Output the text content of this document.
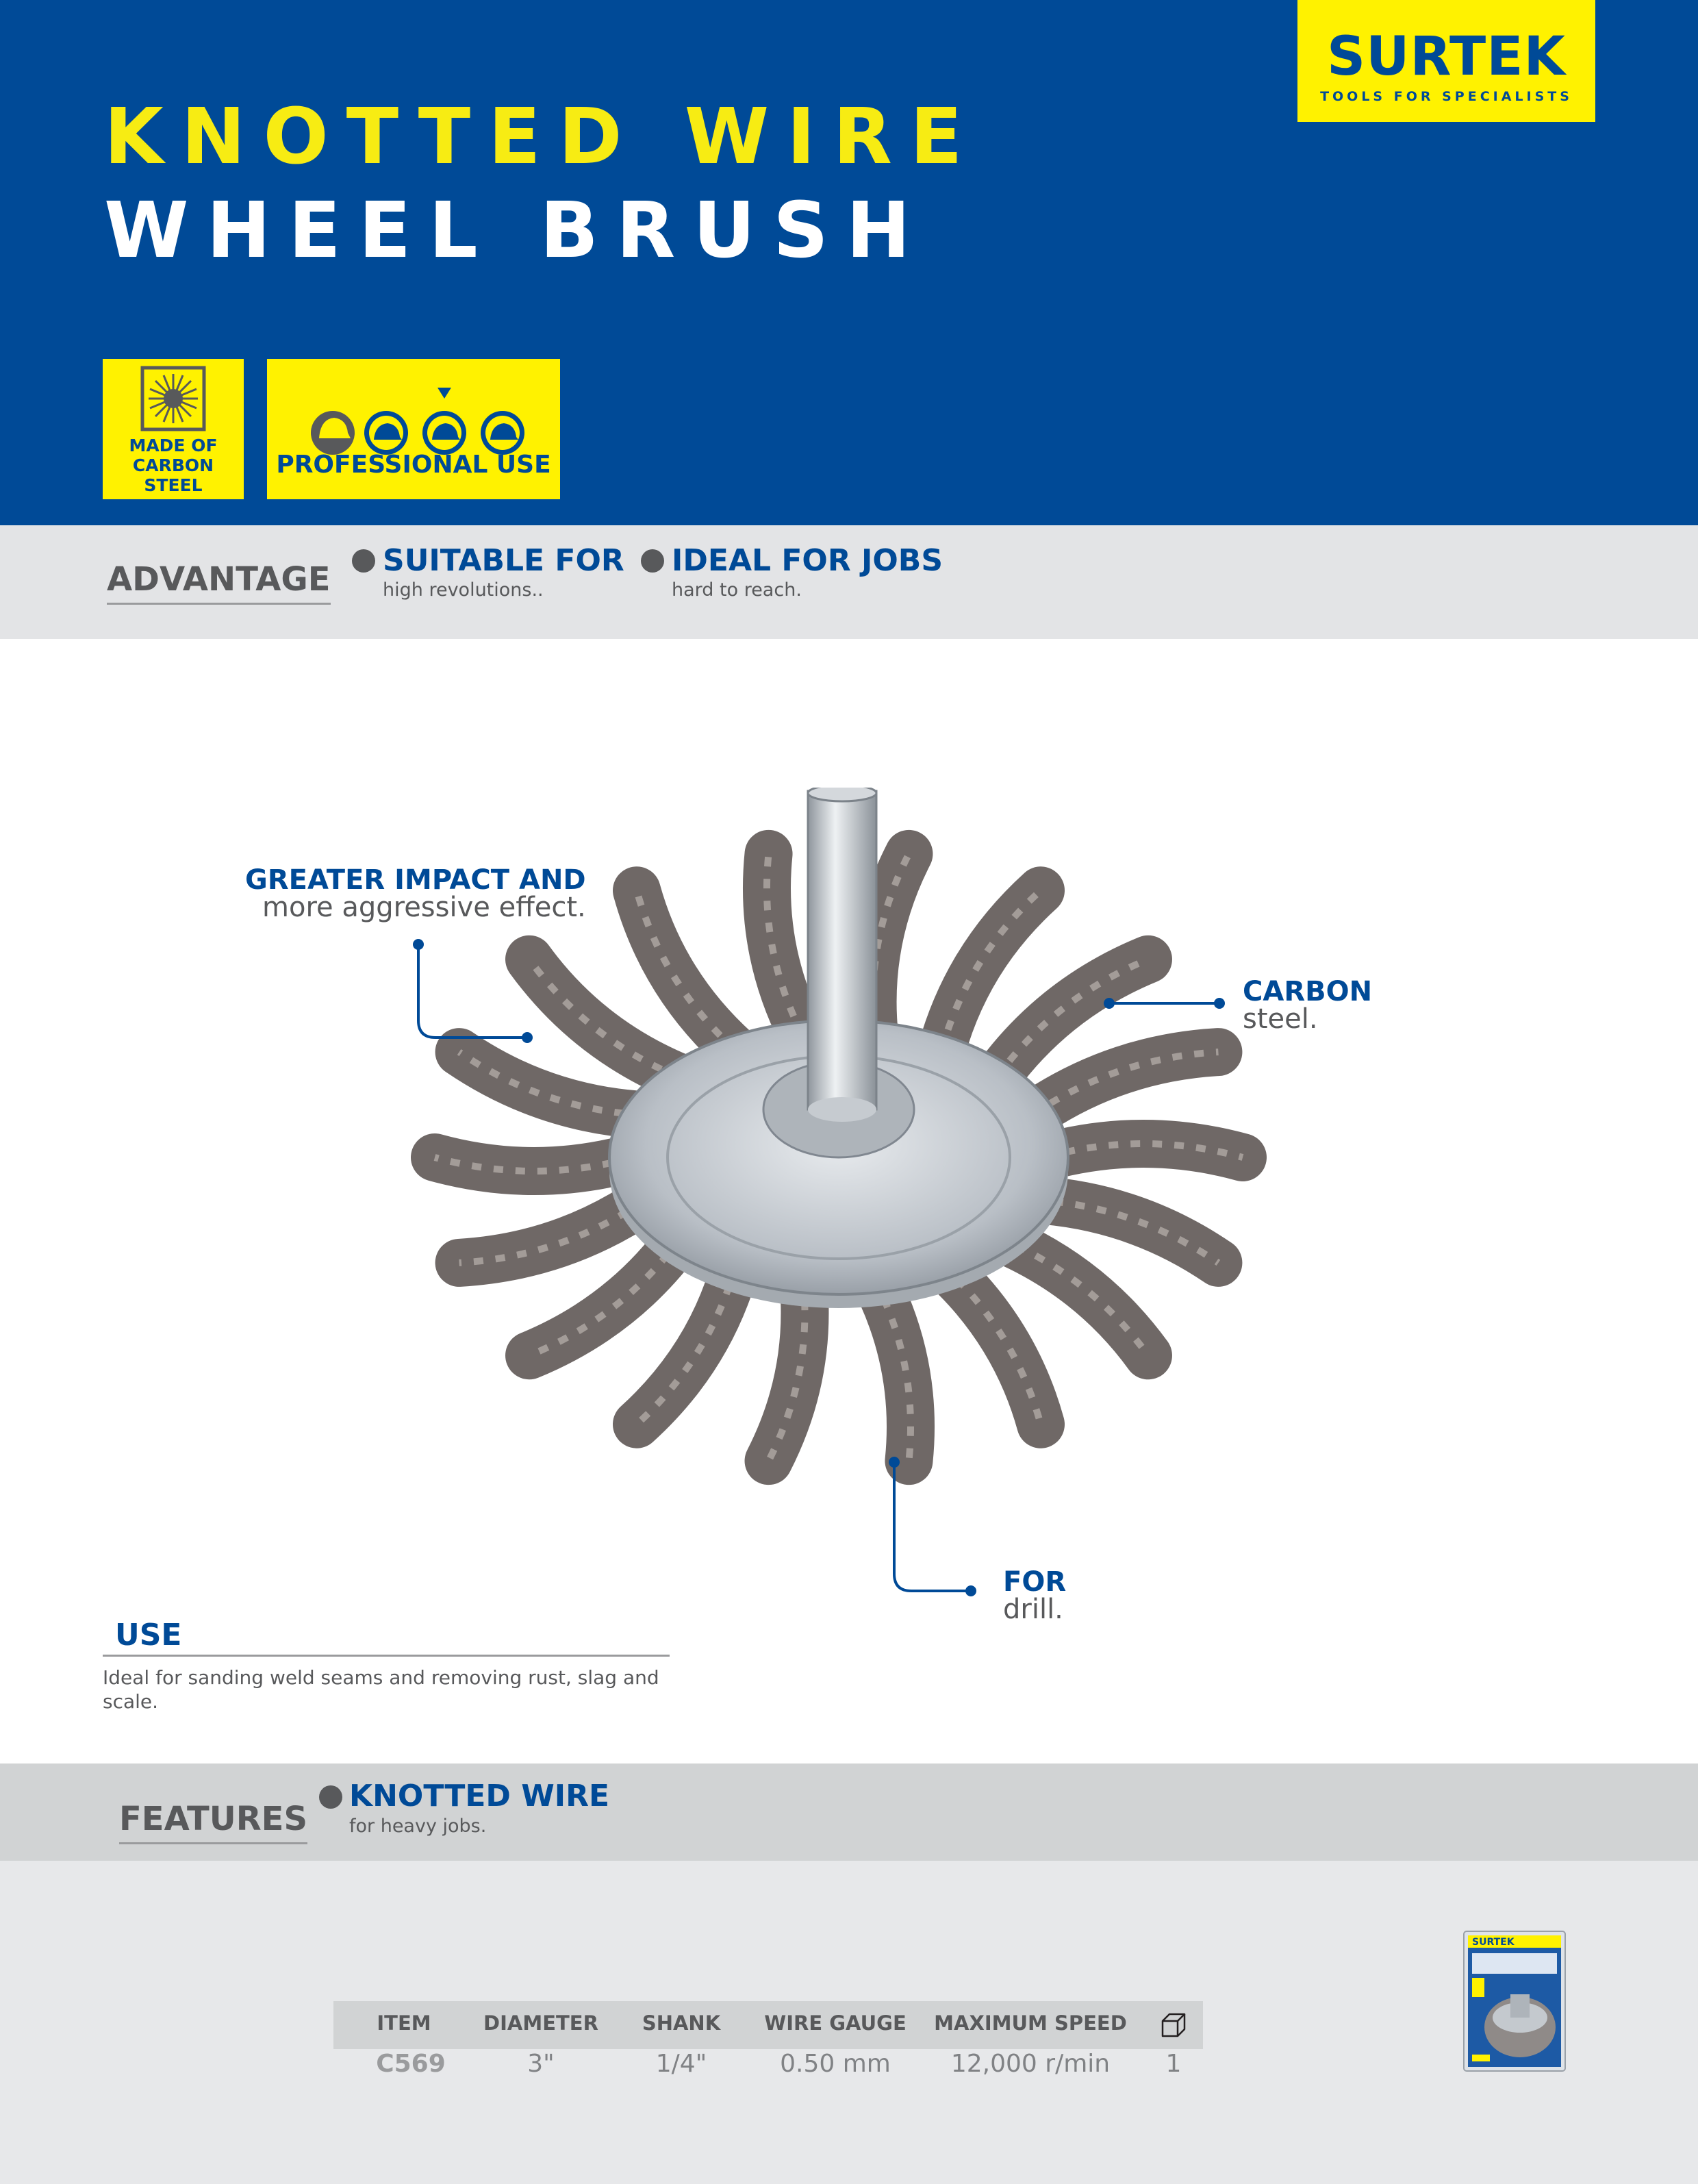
KNOTTED WIRE
WHEEL BRUSH
SURTEK
TOOLS FOR SPECIALISTS
MADE OF CARBON STEEL
PROFESSIONAL USE
ADVANTAGE SUITABLE FOR
high revolutions..
IDEAL FOR JOBS
hard to reach.
GREATER IMPACT AND
more aggressive effect.
CARBON
steel.
FOR
drill.
USE
Ideal for sanding weld seams and removing rust, slag and scale.
FEATURES
KNOTTED WIRE
for heavy jobs.
ITEM	DIAMETER	SHANK	WIRE GAUGE	MAXIMUM SPEED
C569	3"	1/4"	0.50 mm	12,000 r/min	1
SURTEK
